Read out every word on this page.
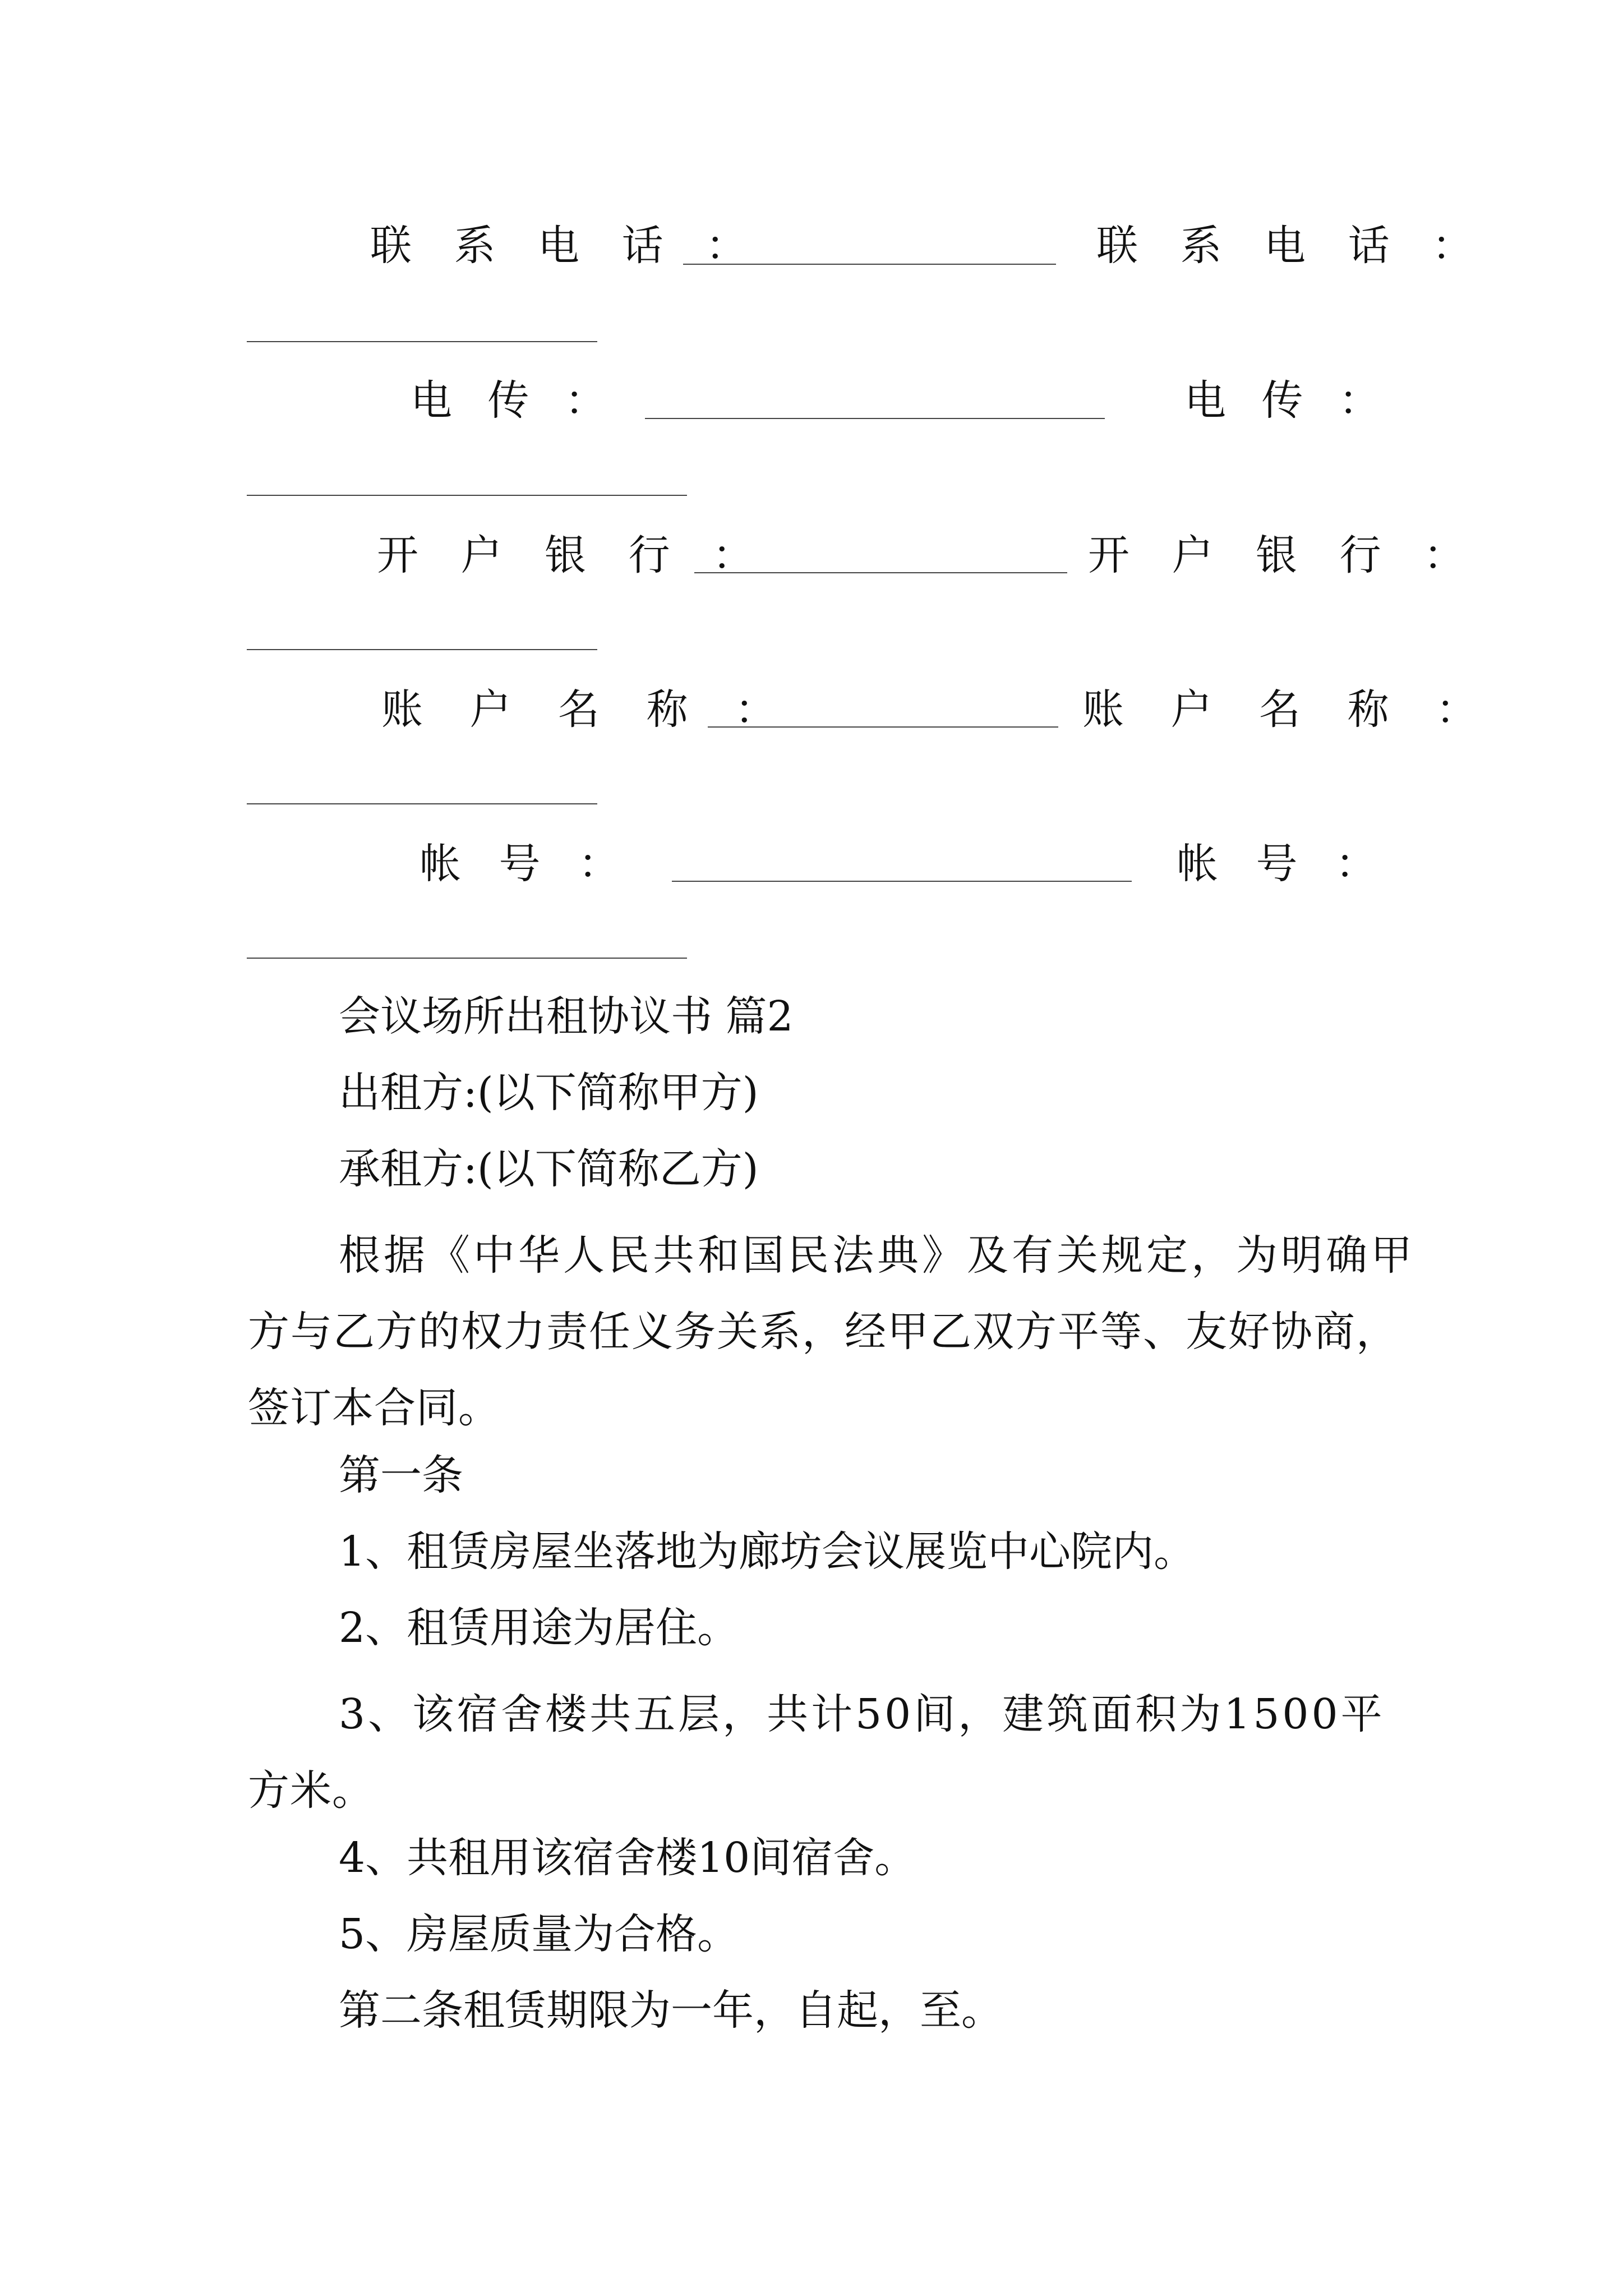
联 系 电 话 ：	联 系 电 话 ：
电 传 ：	电 传 ：
开 户 银 行 ：	开 户 银 行 ：
账 户 名 称 ：	账 户 名 称 ：
帐 号 ：	帐 号 ：
会议场所出租协议书 篇2
出租方:(以下简称甲方)
承租方:(以下简称乙方)
根据《中华人民共和国民法典》及有关规定，为明确甲
方与乙方的权力责任义务关系，经甲乙双方平等、友好协商，
签订本合同。
第一条
1、租赁房屋坐落地为廊坊会议展览中心院内。
2、租赁用途为居住。
3、该宿舍楼共五层，共计50间，建筑面积为1500平
方米。
4、共租用该宿舍楼10间宿舍。
5、房屋质量为合格。
第二条租赁期限为一年，自起，至。
